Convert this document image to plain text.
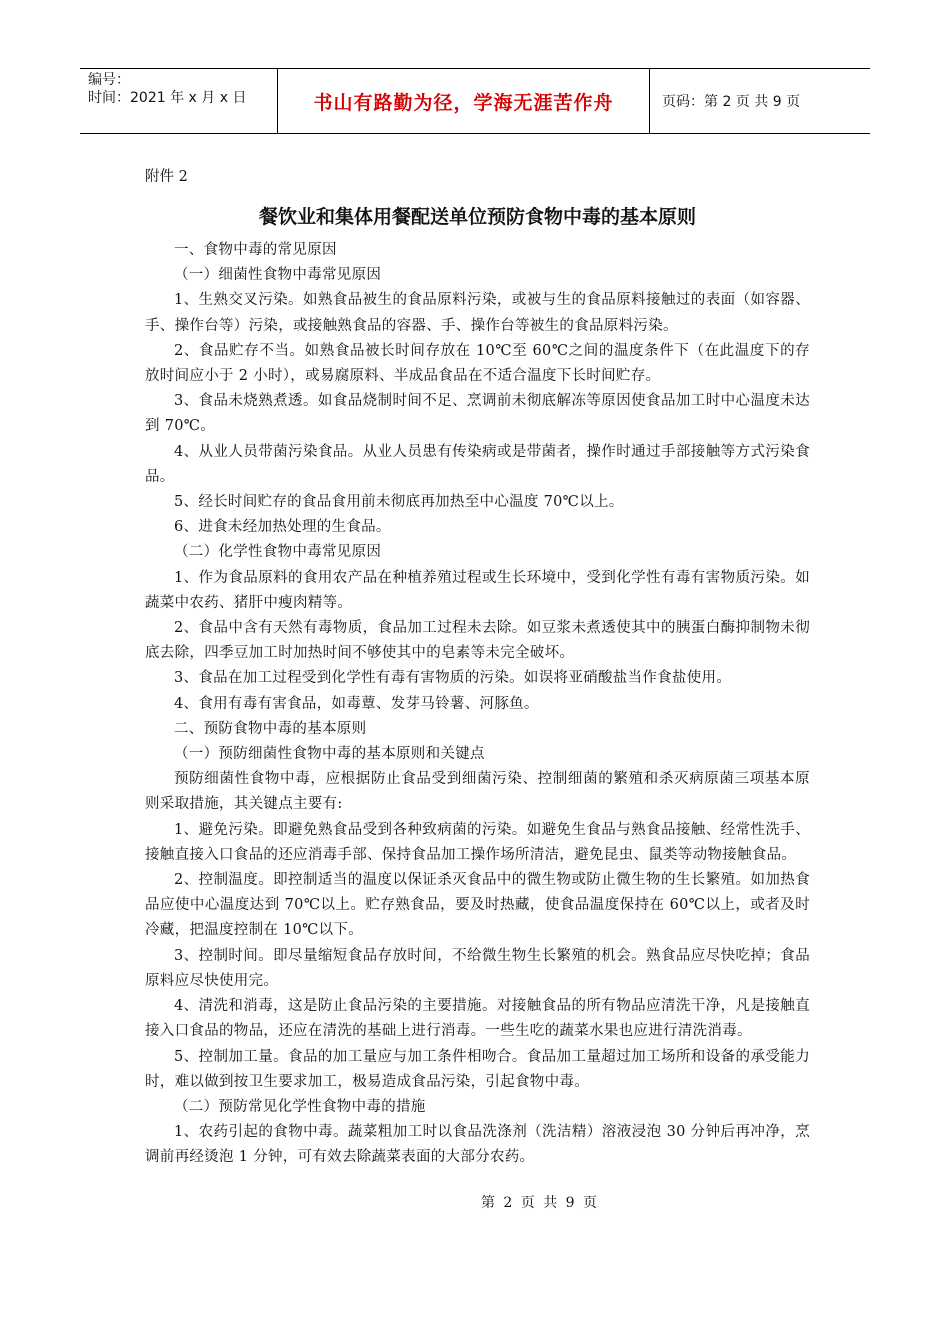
编号：
时间：2021 年 x 月 x 日	书山有路勤为径，学海无涯苦作舟	页码：第 2 页 共 9 页
附件 2
餐饮业和集体用餐配送单位预防食物中毒的基本原则

一、食物中毒的常见原因

（一）细菌性食物中毒常见原因

1、生熟交叉污染。如熟食品被生的食品原料污染，或被与生的食品原料接触过的表面（如容器、手、操作台等）污染，或接触熟食品的容器、手、操作台等被生的食品原料污染。

2、食品贮存不当。如熟食品被长时间存放在 10℃至 60℃之间的温度条件下（在此温度下的存放时间应小于 2 小时），或易腐原料、半成品食品在不适合温度下长时间贮存。

3、食品未烧熟煮透。如食品烧制时间不足、烹调前未彻底解冻等原因使食品加工时中心温度未达到 70℃。

4、从业人员带菌污染食品。从业人员患有传染病或是带菌者，操作时通过手部接触等方式污染食品。

5、经长时间贮存的食品食用前未彻底再加热至中心温度 70℃以上。

6、进食未经加热处理的生食品。

（二）化学性食物中毒常见原因

1、作为食品原料的食用农产品在种植养殖过程或生长环境中，受到化学性有毒有害物质污染。如蔬菜中农药、猪肝中瘦肉精等。

2、食品中含有天然有毒物质，食品加工过程未去除。如豆浆未煮透使其中的胰蛋白酶抑制物未彻底去除，四季豆加工时加热时间不够使其中的皂素等未完全破坏。

3、食品在加工过程受到化学性有毒有害物质的污染。如误将亚硝酸盐当作食盐使用。

4、食用有毒有害食品，如毒蕈、发芽马铃薯、河豚鱼。

二、预防食物中毒的基本原则

（一）预防细菌性食物中毒的基本原则和关键点

预防细菌性食物中毒，应根据防止食品受到细菌污染、控制细菌的繁殖和杀灭病原菌三项基本原则采取措施，其关键点主要有:

1、避免污染。即避免熟食品受到各种致病菌的污染。如避免生食品与熟食品接触、经常性洗手、接触直接入口食品的还应消毒手部、保持食品加工操作场所清洁，避免昆虫、鼠类等动物接触食品。

2、控制温度。即控制适当的温度以保证杀灭食品中的微生物或防止微生物的生长繁殖。如加热食品应使中心温度达到 70℃以上。贮存熟食品，要及时热藏，使食品温度保持在 60℃以上，或者及时冷藏，把温度控制在 10℃以下。

3、控制时间。即尽量缩短食品存放时间，不给微生物生长繁殖的机会。熟食品应尽快吃掉；食品原料应尽快使用完。

4、清洗和消毒，这是防止食品污染的主要措施。对接触食品的所有物品应清洗干净，凡是接触直接入口食品的物品，还应在清洗的基础上进行消毒。一些生吃的蔬菜水果也应进行清洗消毒。

5、控制加工量。食品的加工量应与加工条件相吻合。食品加工量超过加工场所和设备的承受能力时，难以做到按卫生要求加工，极易造成食品污染，引起食物中毒。

（二）预防常见化学性食物中毒的措施

1、农药引起的食物中毒。蔬菜粗加工时以食品洗涤剂（洗洁精）溶液浸泡 30 分钟后再冲净，烹调前再经烫泡 1 分钟，可有效去除蔬菜表面的大部分农药。

第 2 页 共 9 页
